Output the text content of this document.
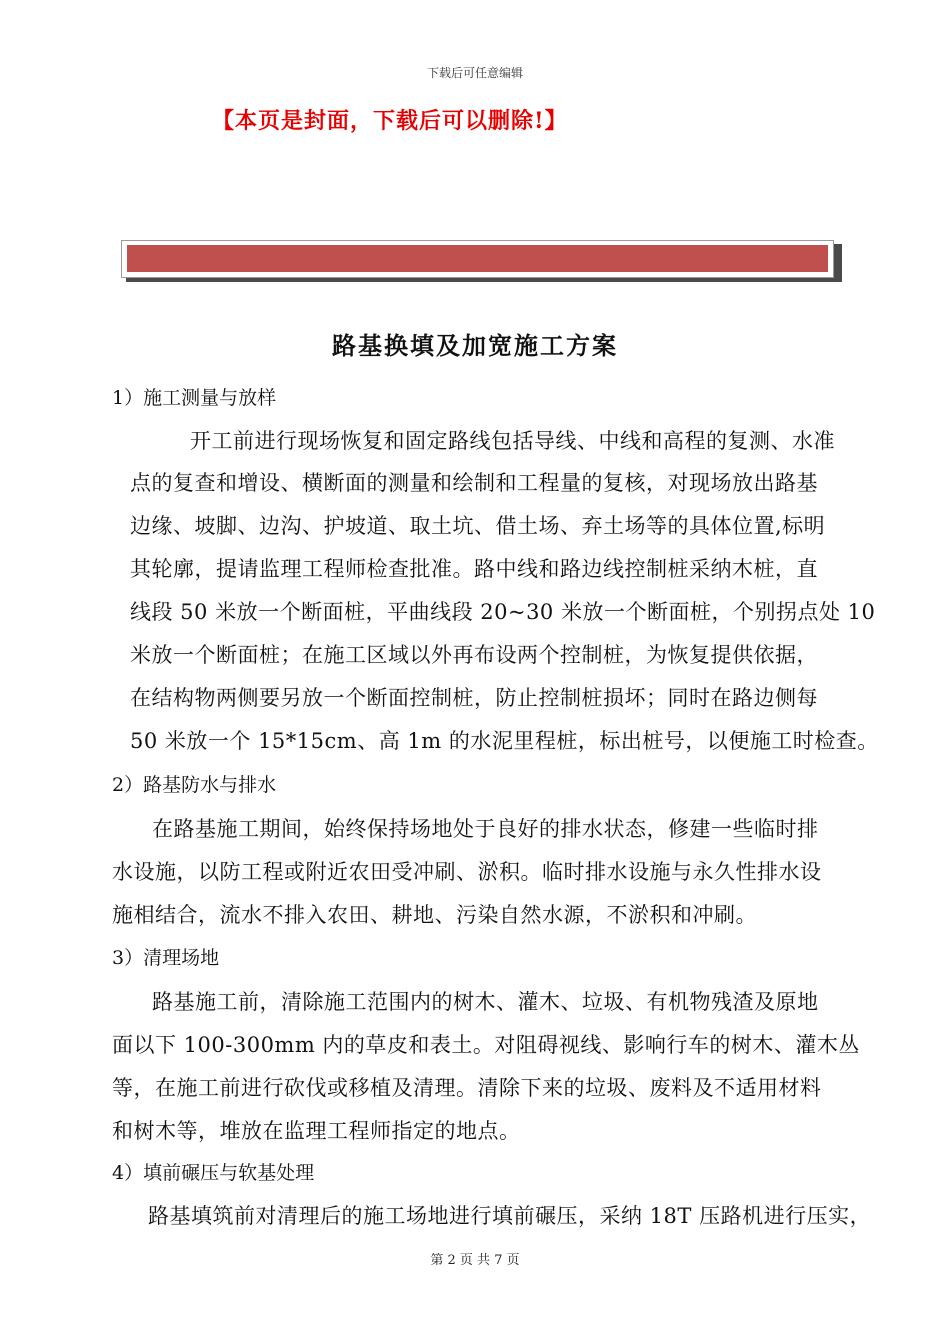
下载后可任意编辑
【本页是封面，下载后可以删除!】
路基换填及加宽施工方案
1）施工测量与放样
开工前进行现场恢复和固定路线包括导线、中线和高程的复测、水准
点的复查和增设、横断面的测量和绘制和工程量的复核，对现场放出路基
边缘、坡脚、边沟、护坡道、取土坑、借土场、弃土场等的具体位置,标明
其轮廓，提请监理工程师检查批准。路中线和路边线控制桩采纳木桩，直
线段 50 米放一个断面桩，平曲线段 20~30 米放一个断面桩，个别拐点处 10
米放一个断面桩；在施工区域以外再布设两个控制桩，为恢复提供依据，
在结构物两侧要另放一个断面控制桩，防止控制桩损坏；同时在路边侧每
50 米放一个 15*15cm、高 1m 的水泥里程桩，标出桩号，以便施工时检查。
2）路基防水与排水
在路基施工期间，始终保持场地处于良好的排水状态，修建一些临时排
水设施，以防工程或附近农田受冲刷、淤积。临时排水设施与永久性排水设
施相结合，流水不排入农田、耕地、污染自然水源，不淤积和冲刷。
3）清理场地
路基施工前，清除施工范围内的树木、灌木、垃圾、有机物残渣及原地
面以下 100-300mm 内的草皮和表土。对阻碍视线、影响行车的树木、灌木丛
等，在施工前进行砍伐或移植及清理。清除下来的垃圾、废料及不适用材料
和树木等，堆放在监理工程师指定的地点。
4）填前碾压与软基处理
路基填筑前对清理后的施工场地进行填前碾压，采纳 18T 压路机进行压实，
第 2 页 共 7 页
